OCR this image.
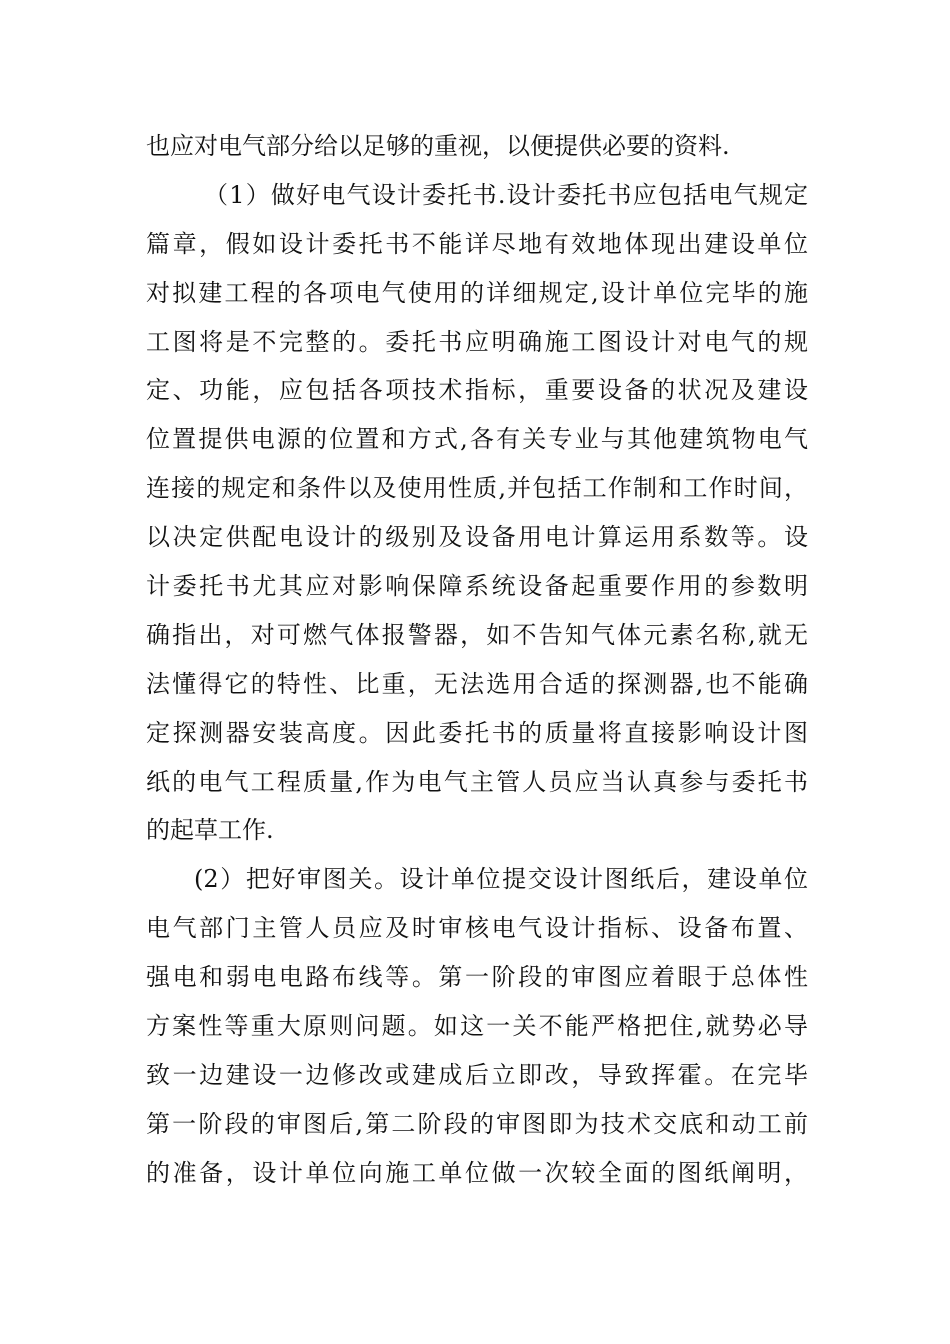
也应对电气部分给以足够的重视，以便提供必要的资料.
（1）做好电气设计委托书.设计委托书应包括电气规定
篇章，假如设计委托书不能详尽地有效地体现出建设单位
对拟建工程的各项电气使用的详细规定,设计单位完毕的施
工图将是不完整的。委托书应明确施工图设计对电气的规
定、功能，应包括各项技术指标，重要设备的状况及建设
位置提供电源的位置和方式,各有关专业与其他建筑物电气
连接的规定和条件以及使用性质,并包括工作制和工作时间，
以决定供配电设计的级别及设备用电计算运用系数等。设
计委托书尤其应对影响保障系统设备起重要作用的参数明
确指出，对可燃气体报警器，如不告知气体元素名称,就无
法懂得它的特性、比重，无法选用合适的探测器,也不能确
定探测器安装高度。因此委托书的质量将直接影响设计图
纸的电气工程质量,作为电气主管人员应当认真参与委托书
的起草工作.
(2）把好审图关。设计单位提交设计图纸后，建设单位
电气部门主管人员应及时审核电气设计指标、设备布置、
强电和弱电电路布线等。第一阶段的审图应着眼于总体性
方案性等重大原则问题。如这一关不能严格把住,就势必导
致一边建设一边修改或建成后立即改，导致挥霍。在完毕
第一阶段的审图后,第二阶段的审图即为技术交底和动工前
的准备，设计单位向施工单位做一次较全面的图纸阐明，
